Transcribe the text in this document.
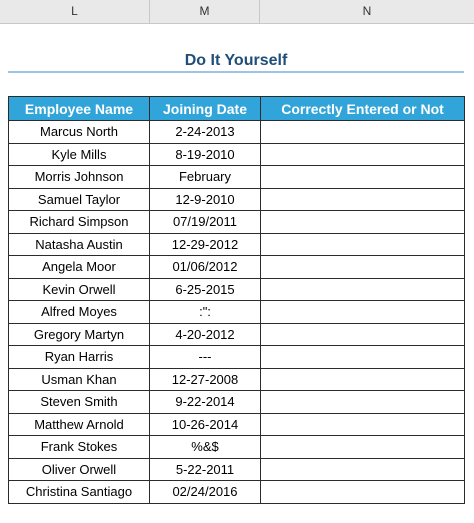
L	M	N
Do It Yourself
Employee Name	Joining Date	Correctly Entered or Not
Marcus North	2-24-2013	
Kyle Mills	8-19-2010	
Morris Johnson	February	
Samuel Taylor	12-9-2010	
Richard Simpson	07/19/2011	
Natasha Austin	12-29-2012	
Angela Moor	01/06/2012	
Kevin Orwell	6-25-2015	
Alfred Moyes	:":	
Gregory Martyn	4-20-2012	
Ryan Harris	---	
Usman Khan	12-27-2008	
Steven Smith	9-22-2014	
Matthew Arnold	10-26-2014	
Frank Stokes	%&$	
Oliver Orwell	5-22-2011	
Christina Santiago	02/24/2016	
